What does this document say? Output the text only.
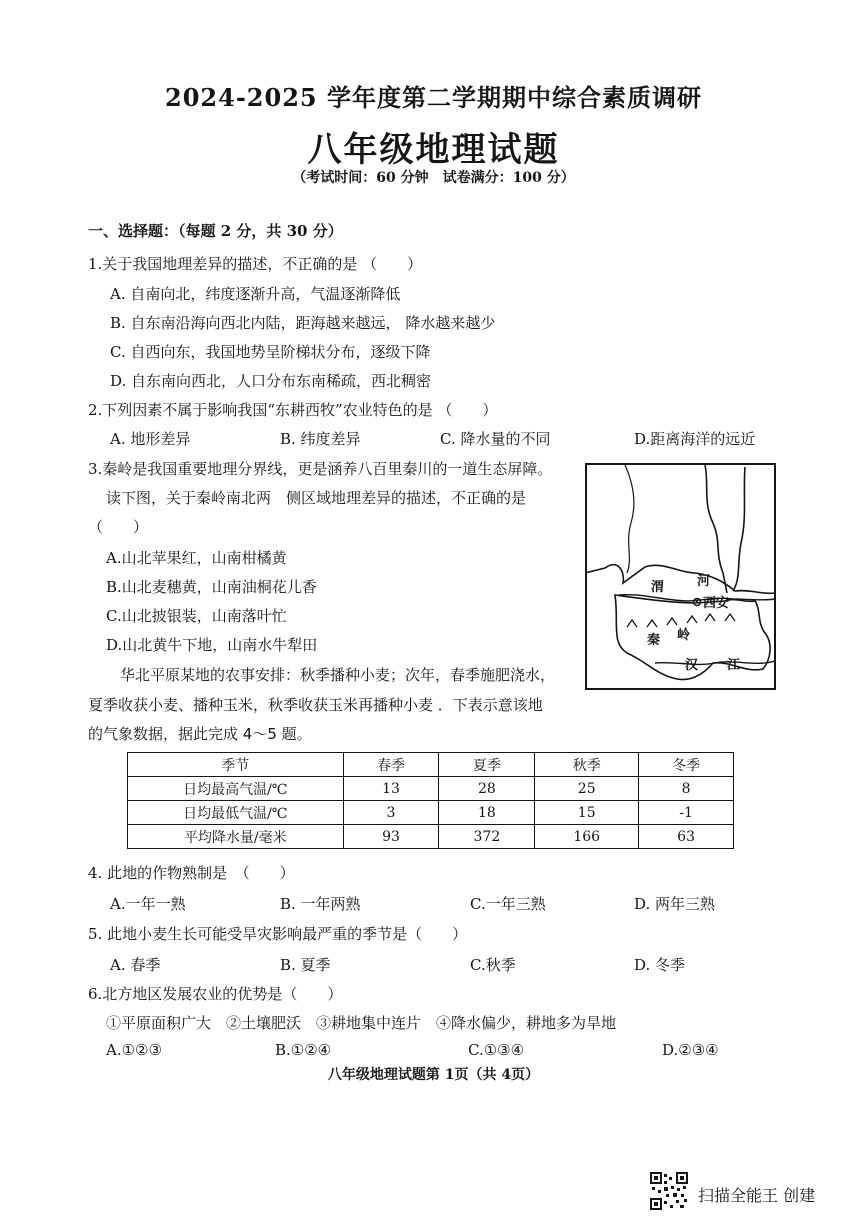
2024-2025 学年度第二学期期中综合素质调研
八年级地理试题
（考试时间：60 分钟　试卷满分：100 分）
一、选择题：（每题 2 分，共 30 分）
1.关于我国地理差异的描述，不正确的是 （　　）
A. 自南向北，纬度逐渐升高，气温逐渐降低
B. 自东南沿海向西北内陆，距海越来越远， 降水越来越少
C. 自西向东，我国地势呈阶梯状分布，逐级下降
D. 自东南向西北，人口分布东南稀疏，西北稠密
2.下列因素不属于影响我国“东耕西牧”农业特色的是 （　　）
A. 地形差异	B. 纬度差异	C. 降水量的不同	D.距离海洋的远近
3.秦岭是我国重要地理分界线，更是涵养八百里秦川的一道生态屏障。
读下图，关于秦岭南北两　侧区域地理差异的描述，不正确的是
（　　）
A.山北苹果红，山南柑橘黄
B.山北麦穗黄，山南油桐花儿香
C.山北披银装，山南落叶忙
D.山北黄牛下地，山南水牛犁田
渭	河
西安
秦 岭
汉 江
华北平原某地的农事安排：秋季播种小麦；次年，春季施肥浇水，
夏季收获小麦、播种玉米，秋季收获玉米再播种小麦 ．下表示意该地
的气象数据，据此完成 4～5 题。
季节	春季	夏季	秋季	冬季
日均最高气温/℃	13	28	25	8
日均最低气温/℃	3	18	15	-1
平均降水量/毫米	93	372	166	63
4. 此地的作物熟制是　（　　）
A.一年一熟	B. 一年两熟	C.一年三熟	D. 两年三熟
5. 此地小麦生长可能受旱灾影响最严重的季节是（　　）
A. 春季	B. 夏季	C.秋季	D. 冬季
6.北方地区发展农业的优势是（　　）
①平原面积广大　②土壤肥沃　③耕地集中连片　④降水偏少，耕地多为旱地
A.①②③	B.①②④	C.①③④	D.②③④
八年级地理试题第 1页（共 4页）
扫描全能王 创建
